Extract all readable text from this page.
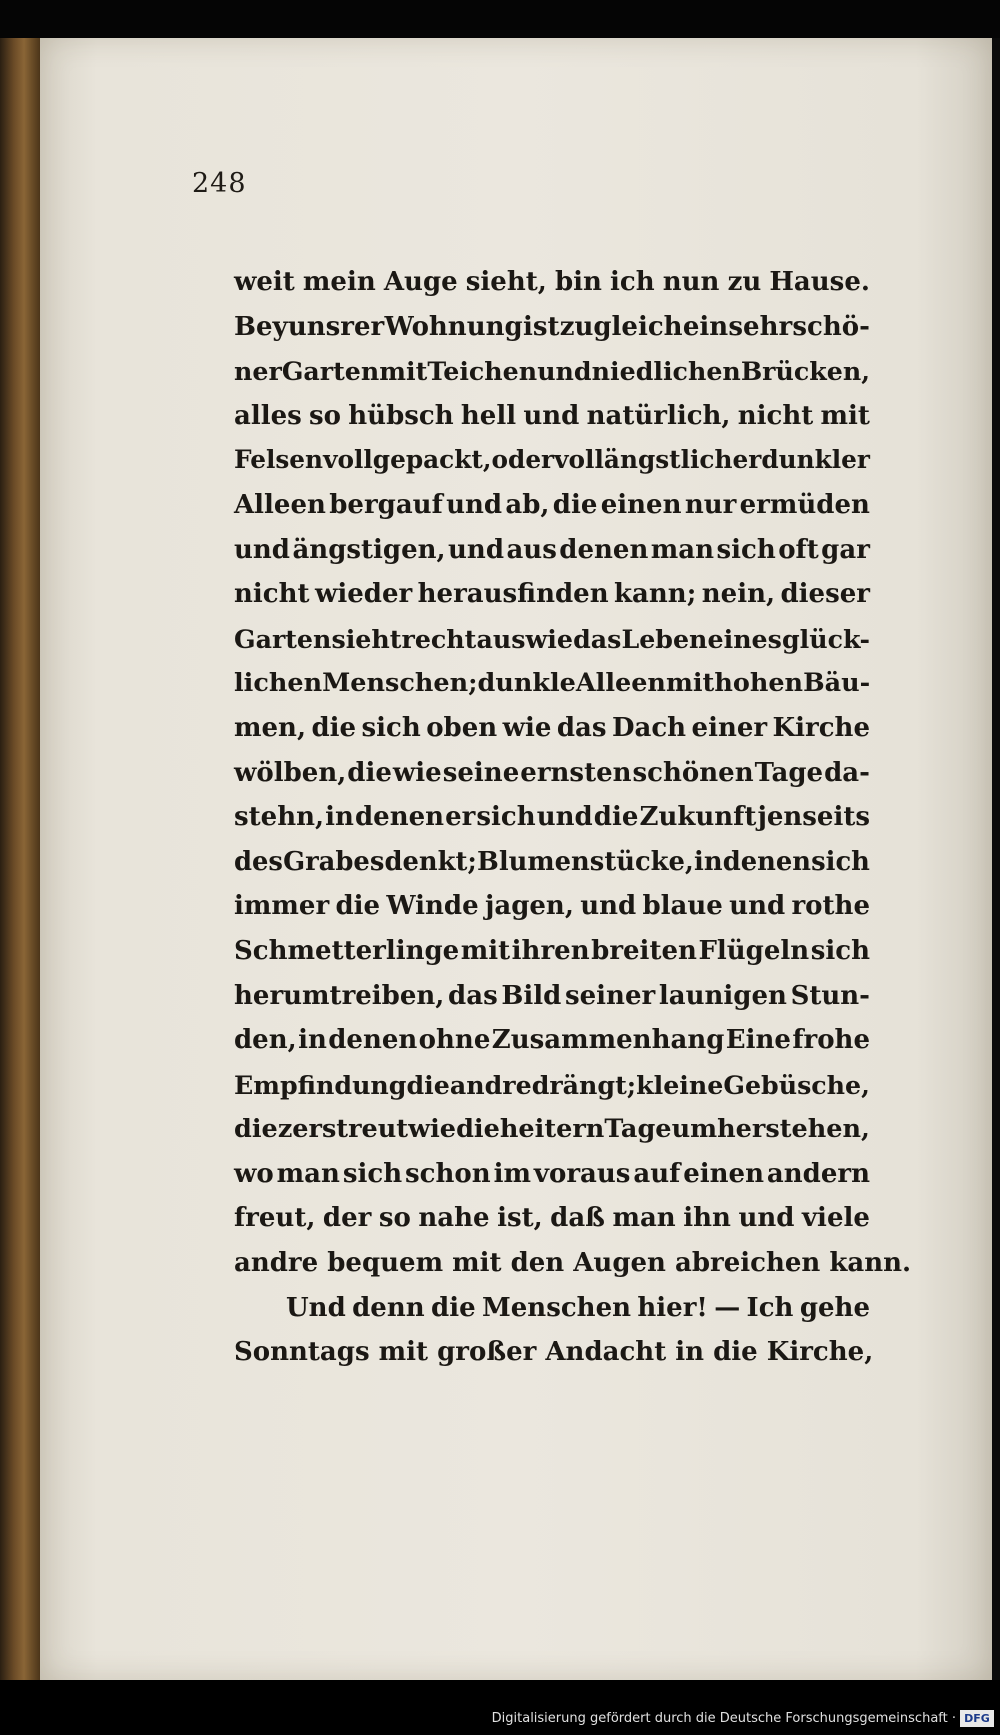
248
weit mein Auge sieht, bin ich nun zu Hause.
Bey unsrer Wohnung ist zugleich ein sehr schö-
ner Garten mit Teichen und niedlichen Brücken,
alles so hübsch hell und natürlich, nicht mit
Felsen vollgepackt, oder voll ängstlicher dunkler
Alleen bergauf und ab, die einen nur ermüden
und ängstigen, und aus denen man sich oft gar
nicht wieder herausfinden kann; nein, dieser
Garten sieht recht aus wie das Leben eines glück-
lichen Menschen; dunkle Alleen mit hohen Bäu-
men, die sich oben wie das Dach einer Kirche
wölben, die wie seine ernsten schönen Tage da-
stehn, in denen er sich und die Zukunft jenseits
des Grabes denkt; Blumenstücke, in denen sich
immer die Winde jagen, und blaue und rothe
Schmetterlinge mit ihren breiten Flügeln sich
herumtreiben, das Bild seiner launigen Stun-
den, in denen ohne Zusammenhang Eine frohe
Empfindung die andre drängt; kleine Gebüsche,
die zerstreut wie die heitern Tage umher stehen,
wo man sich schon im voraus auf einen andern
freut, der so nahe ist, daß man ihn und viele
andre bequem mit den Augen abreichen kann.
Und denn die Menschen hier! — Ich gehe
Sonntags mit großer Andacht in die Kirche,
Digitalisierung gefördert durch die Deutsche Forschungsgemeinschaft · DFG
